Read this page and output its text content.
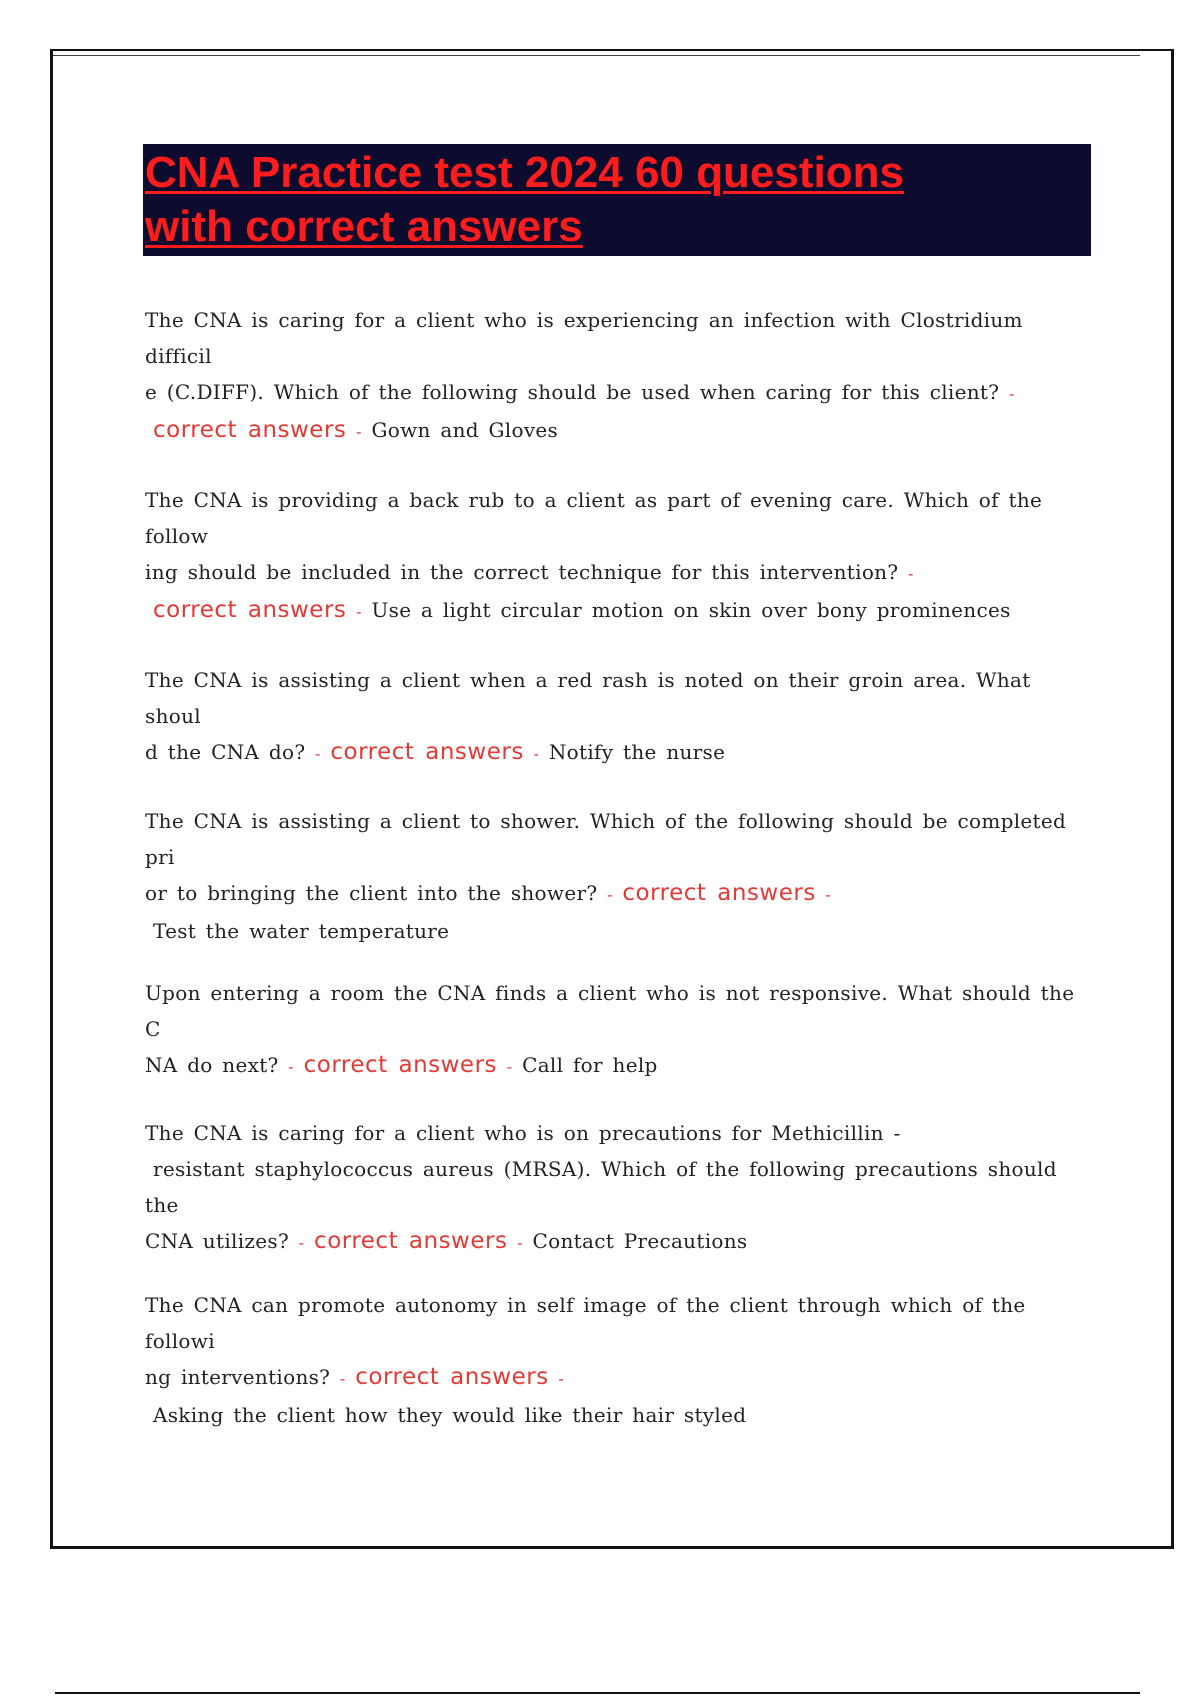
CNA Practice test 2024 60 questions
with correct answers

The CNA is caring for a client who is experiencing an infection with Clostridium difficil
e (C.DIFF). Which of the following should be used when caring for this client? -
correct answers - Gown and Gloves

The CNA is providing a back rub to a client as part of evening care. Which of the follow
ing should be included in the correct technique for this intervention? -
correct answers - Use a light circular motion on skin over bony prominences

The CNA is assisting a client when a red rash is noted on their groin area. What shoul
d the CNA do? - correct answers - Notify the nurse

The CNA is assisting a client to shower. Which of the following should be completed pri
or to bringing the client into the shower? - correct answers -
Test the water temperature

Upon entering a room the CNA finds a client who is not responsive. What should the C
NA do next? - correct answers - Call for help

The CNA is caring for a client who is on precautions for Methicillin -
resistant staphylococcus aureus (MRSA). Which of the following precautions should the
CNA utilizes? - correct answers - Contact Precautions

The CNA can promote autonomy in self image of the client through which of the followi
ng interventions? - correct answers -
Asking the client how they would like their hair styled
